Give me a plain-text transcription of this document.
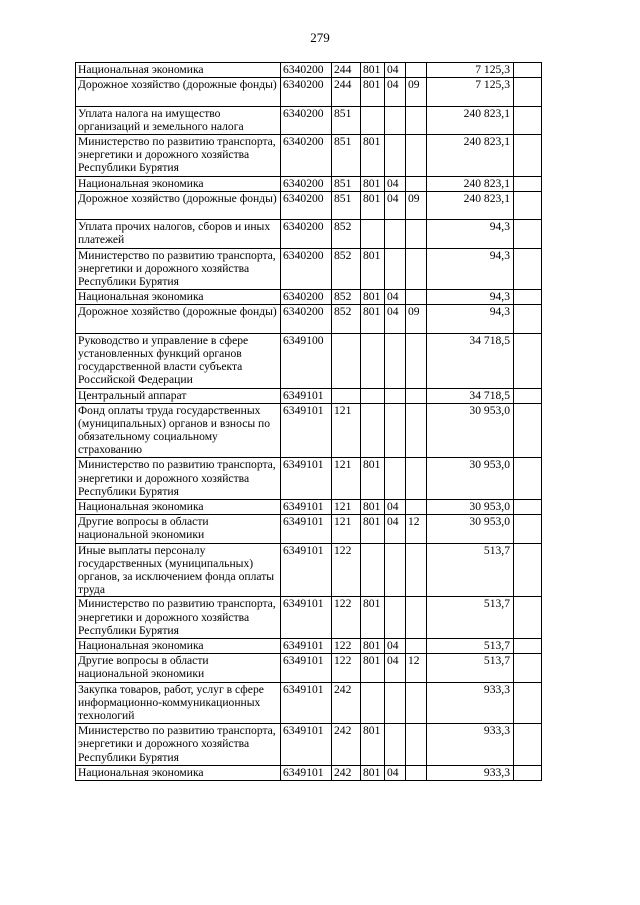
279
Национальная экономика	6340200	244	801	04		7 125,3	
Дорожное хозяйство (дорожные фонды)	6340200	244	801	04	09	7 125,3	
Уплата налога на имущество организаций и земельного налога	6340200	851				240 823,1	
Министерство по развитию транспорта, энергетики и дорожного хозяйства Республики Бурятия	6340200	851	801			240 823,1	
Национальная экономика	6340200	851	801	04		240 823,1	
Дорожное хозяйство (дорожные фонды)	6340200	851	801	04	09	240 823,1	
Уплата прочих налогов, сборов и иных платежей	6340200	852				94,3	
Министерство по развитию транспорта, энергетики и дорожного хозяйства Республики Бурятия	6340200	852	801			94,3	
Национальная экономика	6340200	852	801	04		94,3	
Дорожное хозяйство (дорожные фонды)	6340200	852	801	04	09	94,3	
Руководство и управление в сфере установленных функций органов государственной власти субъекта Российской Федерации	6349100					34 718,5	
Центральный аппарат	6349101					34 718,5	
Фонд оплаты труда государственных (муниципальных) органов и взносы по обязательному социальному страхованию	6349101	121				30 953,0	
Министерство по развитию транспорта, энергетики и дорожного хозяйства Республики Бурятия	6349101	121	801			30 953,0	
Национальная экономика	6349101	121	801	04		30 953,0	
Другие вопросы в области национальной экономики	6349101	121	801	04	12	30 953,0	
Иные выплаты персоналу государственных (муниципальных) органов, за исключением фонда оплаты труда	6349101	122				513,7	
Министерство по развитию транспорта, энергетики и дорожного хозяйства Республики Бурятия	6349101	122	801			513,7	
Национальная экономика	6349101	122	801	04		513,7	
Другие вопросы в области национальной экономики	6349101	122	801	04	12	513,7	
Закупка товаров, работ, услуг в сфере информационно-коммуникационных технологий	6349101	242				933,3	
Министерство по развитию транспорта, энергетики и дорожного хозяйства Республики Бурятия	6349101	242	801			933,3	
Национальная экономика	6349101	242	801	04		933,3	
